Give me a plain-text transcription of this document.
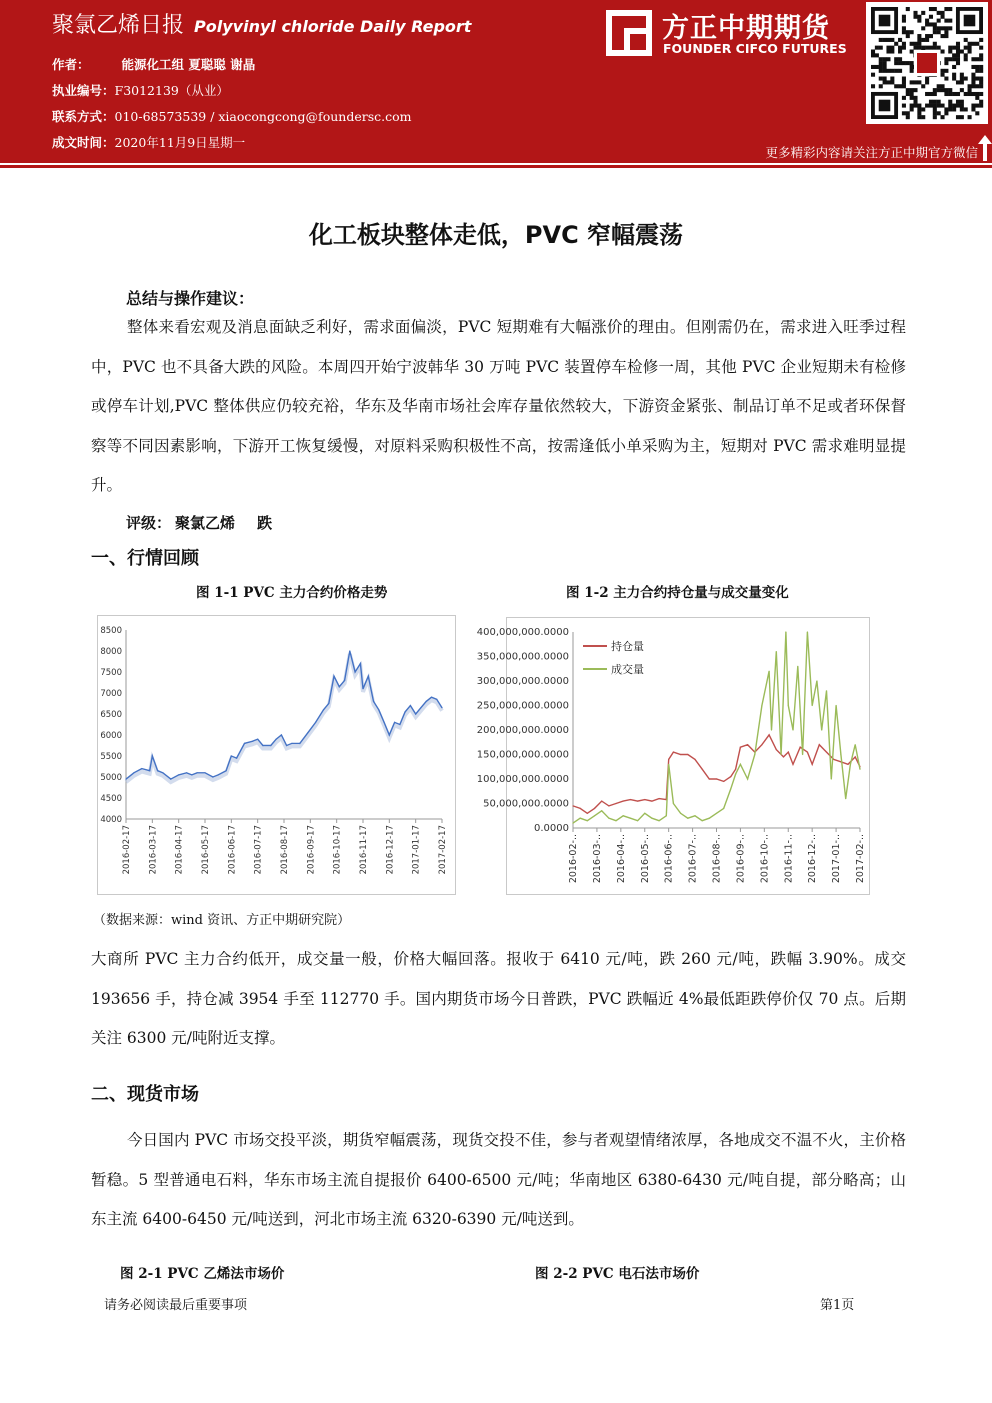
聚氯乙烯日报 Polyvinyl chloride Daily Report
作者：	能源化工组 夏聪聪 谢晶
执业编号：F3012139（从业）
联系方式：010-68573539 / xiaocongcong@foundersc.com
成文时间：2020年11月9日星期一
方正中期期货
FOUNDER CIFCO FUTURES
更多精彩内容请关注方正中期官方微信
化工板块整体走低，PVC 窄幅震荡
总结与操作建议：

整体来看宏观及消息面缺乏利好，需求面偏淡，PVC 短期难有大幅涨价的理由。但刚需仍在，需求进入旺季过程中，PVC 也不具备大跌的风险。本周四开始宁波韩华 30 万吨 PVC 装置停车检修一周，其他 PVC 企业短期未有检修或停车计划,PVC 整体供应仍较充裕，华东及华南市场社会库存量依然较大，下游资金紧张、制品订单不足或者环保督察等不同因素影响，下游开工恢复缓慢，对原料采购积极性不高，按需逢低小单采购为主，短期对 PVC 需求难明显提升。

评级： 聚氯乙烯 跌
一、行情回顾
图 1-1 PVC 主力合约价格走势	图 1-2 主力合约持仓量与成交量变化
8500
8000
7500
7000
6500
6000
5500
5000
4500
4000
2016-02-17 2016-03-17 2016-04-17 2016-05-17 2016-06-17 2016-07-17 2016-08-17 2016-09-17 2016-10-17 2016-11-17 2016-12-17 2017-01-17 2017-02-17
400,000,000.0000
350,000,000.0000
300,000,000.0000
250,000,000.0000
200,000,000.0000
150,000,000.0000
100,000,000.0000
50,000,000.0000
0.0000
2016-02-.. 2016-03-.. 2016-04-.. 2016-05-.. 2016-06-.. 2016-07-.. 2016-08-.. 2016-09-.. 2016-10-.. 2016-11-.. 2016-12-.. 2017-01-.. 2017-02-..
持仓量
成交量
（数据来源：wind 资讯、方正中期研究院）

大商所 PVC 主力合约低开，成交量一般，价格大幅回落。报收于 6410 元/吨，跌 260 元/吨，跌幅 3.90%。成交 193656 手，持仓减 3954 手至 112770 手。国内期货市场今日普跌，PVC 跌幅近 4%最低距跌停价仅 70 点。后期关注 6300 元/吨附近支撑。

二、现货市场

今日国内 PVC 市场交投平淡，期货窄幅震荡，现货交投不佳，参与者观望情绪浓厚，各地成交不温不火，主价格暂稳。5 型普通电石料，华东市场主流自提报价 6400-6500 元/吨；华南地区 6380-6430 元/吨自提，部分略高；山东主流 6400-6450 元/吨送到，河北市场主流 6320-6390 元/吨送到。

图 2-1 PVC 乙烯法市场价	图 2-2 PVC 电石法市场价
请务必阅读最后重要事项	第1页
